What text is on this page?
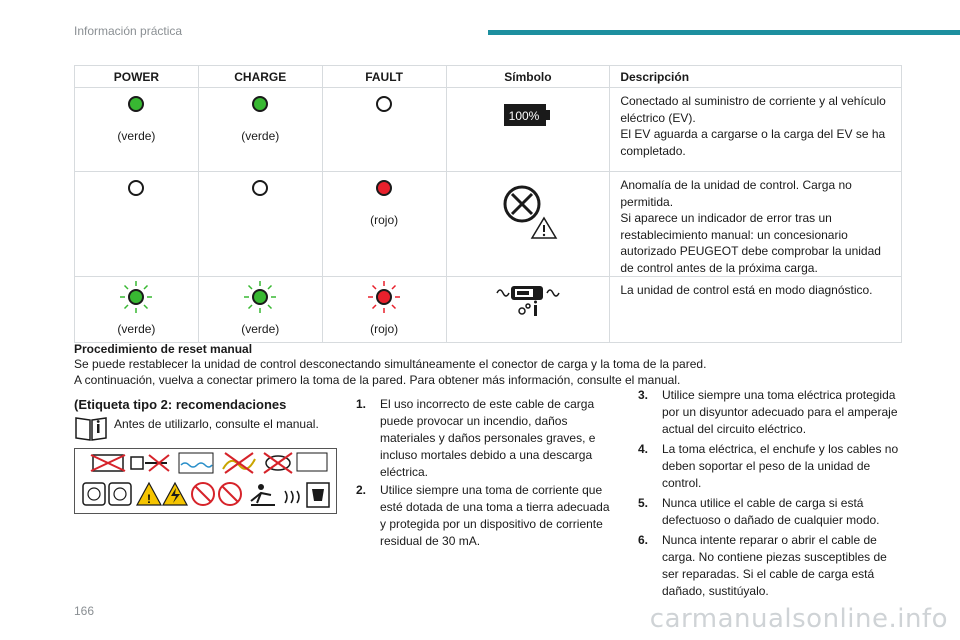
Información práctica
POWER	CHARGE	FAULT	Símbolo	Descripción

(verde)	(verde)		100%	Conectado al suministro de corriente y al vehículo eléctrico (EV).
El EV aguarda a cargarse o la carga del EV se ha completado.

		(rojo)		Anomalía de la unidad de control. Carga no permitida.
Si aparece un indicador de error tras un restablecimiento manual: un concesionario autorizado PEUGEOT debe comprobar la unidad de control antes de la próxima carga.

(verde)	(verde)	(rojo)		La unidad de control está en modo diagnóstico.
Procedimiento de reset manual
Se puede restablecer la unidad de control desconectando simultáneamente el conector de carga y la toma de la pared.
A continuación, vuelva a conectar primero la toma de la pared. Para obtener más información, consulte el manual.
(Etiqueta tipo 2: recomendaciones
Antes de utilizarlo, consulte el manual.
!
1.	El uso incorrecto de este cable de carga puede provocar un incendio, daños materiales y daños personales graves, e incluso mortales debido a una descarga eléctrica.
2.	Utilice siempre una toma de corriente que esté dotada de una toma a tierra adecuada y protegida por un dispositivo de corriente residual de 30 mA.
3.	Utilice siempre una toma eléctrica protegida por un disyuntor adecuado para el amperaje actual del circuito eléctrico.
4.	La toma eléctrica, el enchufe y los cables no deben soportar el peso de la unidad de control.
5.	Nunca utilice el cable de carga si está defectuoso o dañado de cualquier modo.
6.	Nunca intente reparar o abrir el cable de carga. No contiene piezas susceptibles de ser reparadas. Si el cable de carga está dañado, sustitúyalo.
166	carmanualsonline.info
